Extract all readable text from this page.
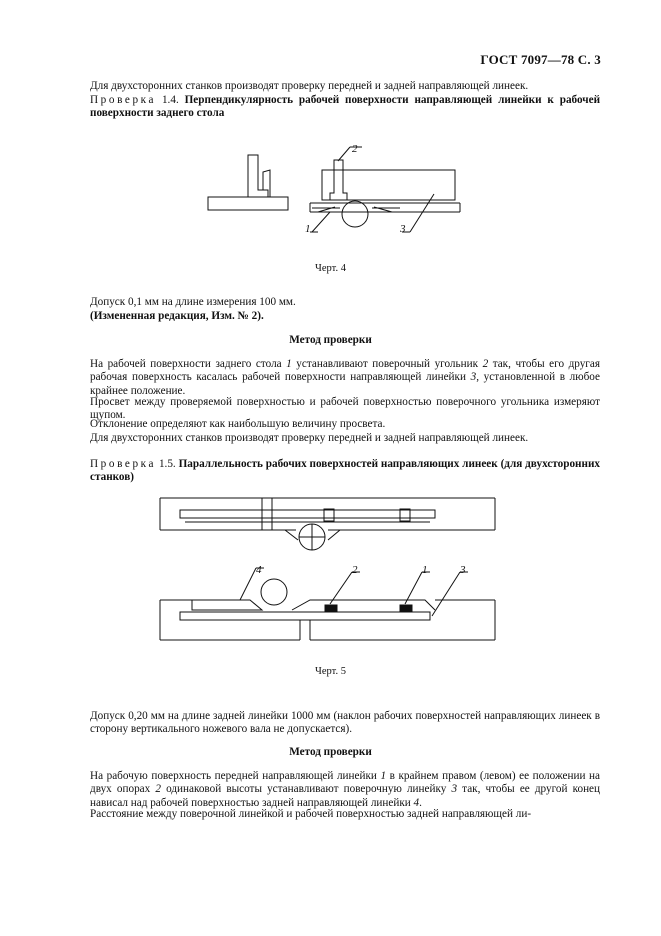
ГОСТ 7097—78 С. 3
Для двухсторонних станков производят проверку передней и задней направляющей линеек.
Проверка 1.4. Перпендикулярность рабочей поверхности направляющей линейки к рабочей поверхности заднего стола
2
1	3
Черт. 4
Допуск 0,1 мм на длине измерения 100 мм.
(Измененная редакция, Изм. № 2).
Метод проверки
На рабочей поверхности заднего стола 1 устанавливают поверочный угольник 2 так, чтобы его другая рабочая поверхность касалась рабочей поверхности направляющей линейки 3, установленной в любое крайнее положение.
Просвет между проверяемой поверхностью и рабочей поверхностью поверочного угольника измеряют щупом.
Отклонение определяют как наибольшую величину просвета.
Для двухсторонних станков производят проверку передней и задней направляющей линеек.
Проверка 1.5. Параллельность рабочих поверхностей направляющих линеек (для двухсторонних станков)
4	2	1	3
Черт. 5
Допуск 0,20 мм на длине задней линейки 1000 мм (наклон рабочих поверхностей направляющих линеек в сторону вертикального ножевого вала не допускается).
Метод проверки
На рабочую поверхность передней направляющей линейки 1 в крайнем правом (левом) ее положении на двух опорах 2 одинаковой высоты устанавливают поверочную линейку 3 так, чтобы ее другой конец нависал над рабочей поверхностью задней направляющей линейки 4.
Расстояние между поверочной линейкой и рабочей поверхностью задней направляющей ли-
